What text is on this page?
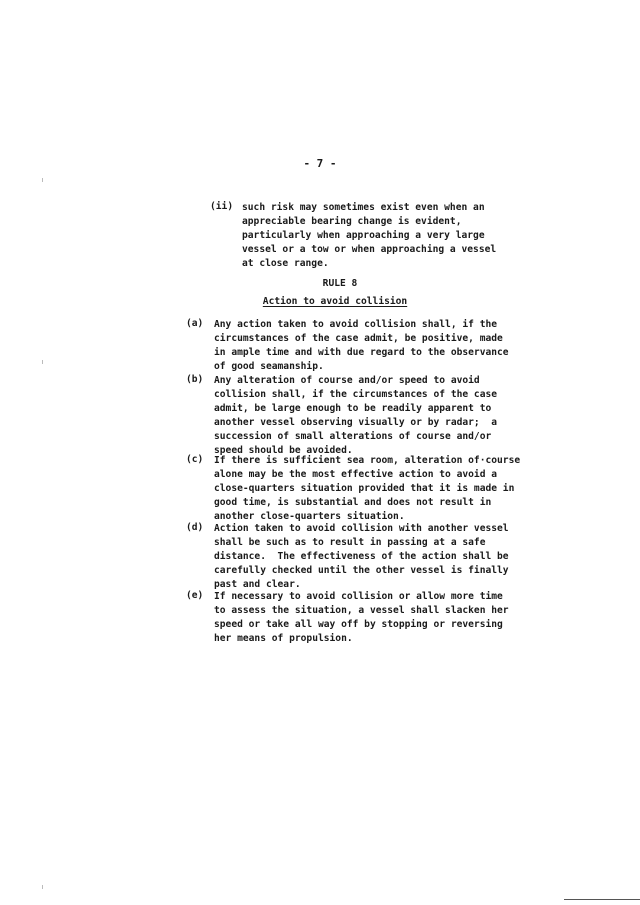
- 7 -
(ii) such risk may sometimes exist even when an
appreciable bearing change is evident,
particularly when approaching a very large
vessel or a tow or when approaching a vessel
at close range.
RULE 8
Action to avoid collision
(a) Any action taken to avoid collision shall, if the
circumstances of the case admit, be positive, made
in ample time and with due regard to the observance
of good seamanship.
(b) Any alteration of course and/or speed to avoid
collision shall, if the circumstances of the case
admit, be large enough to be readily apparent to
another vessel observing visually or by radar;  a
succession of small alterations of course and/or
speed should be avoided.
(c) If there is sufficient sea room, alteration of·course
alone may be the most effective action to avoid a
close-quarters situation provided that it is made in
good time, is substantial and does not result in
another close-quarters situation.
(d) Action taken to avoid collision with another vessel
shall be such as to result in passing at a safe
distance.  The effectiveness of the action shall be
carefully checked until the other vessel is finally
past and clear.
(e) If necessary to avoid collision or allow more time
to assess the situation, a vessel shall slacken her
speed or take all way off by stopping or reversing
her means of propulsion.
